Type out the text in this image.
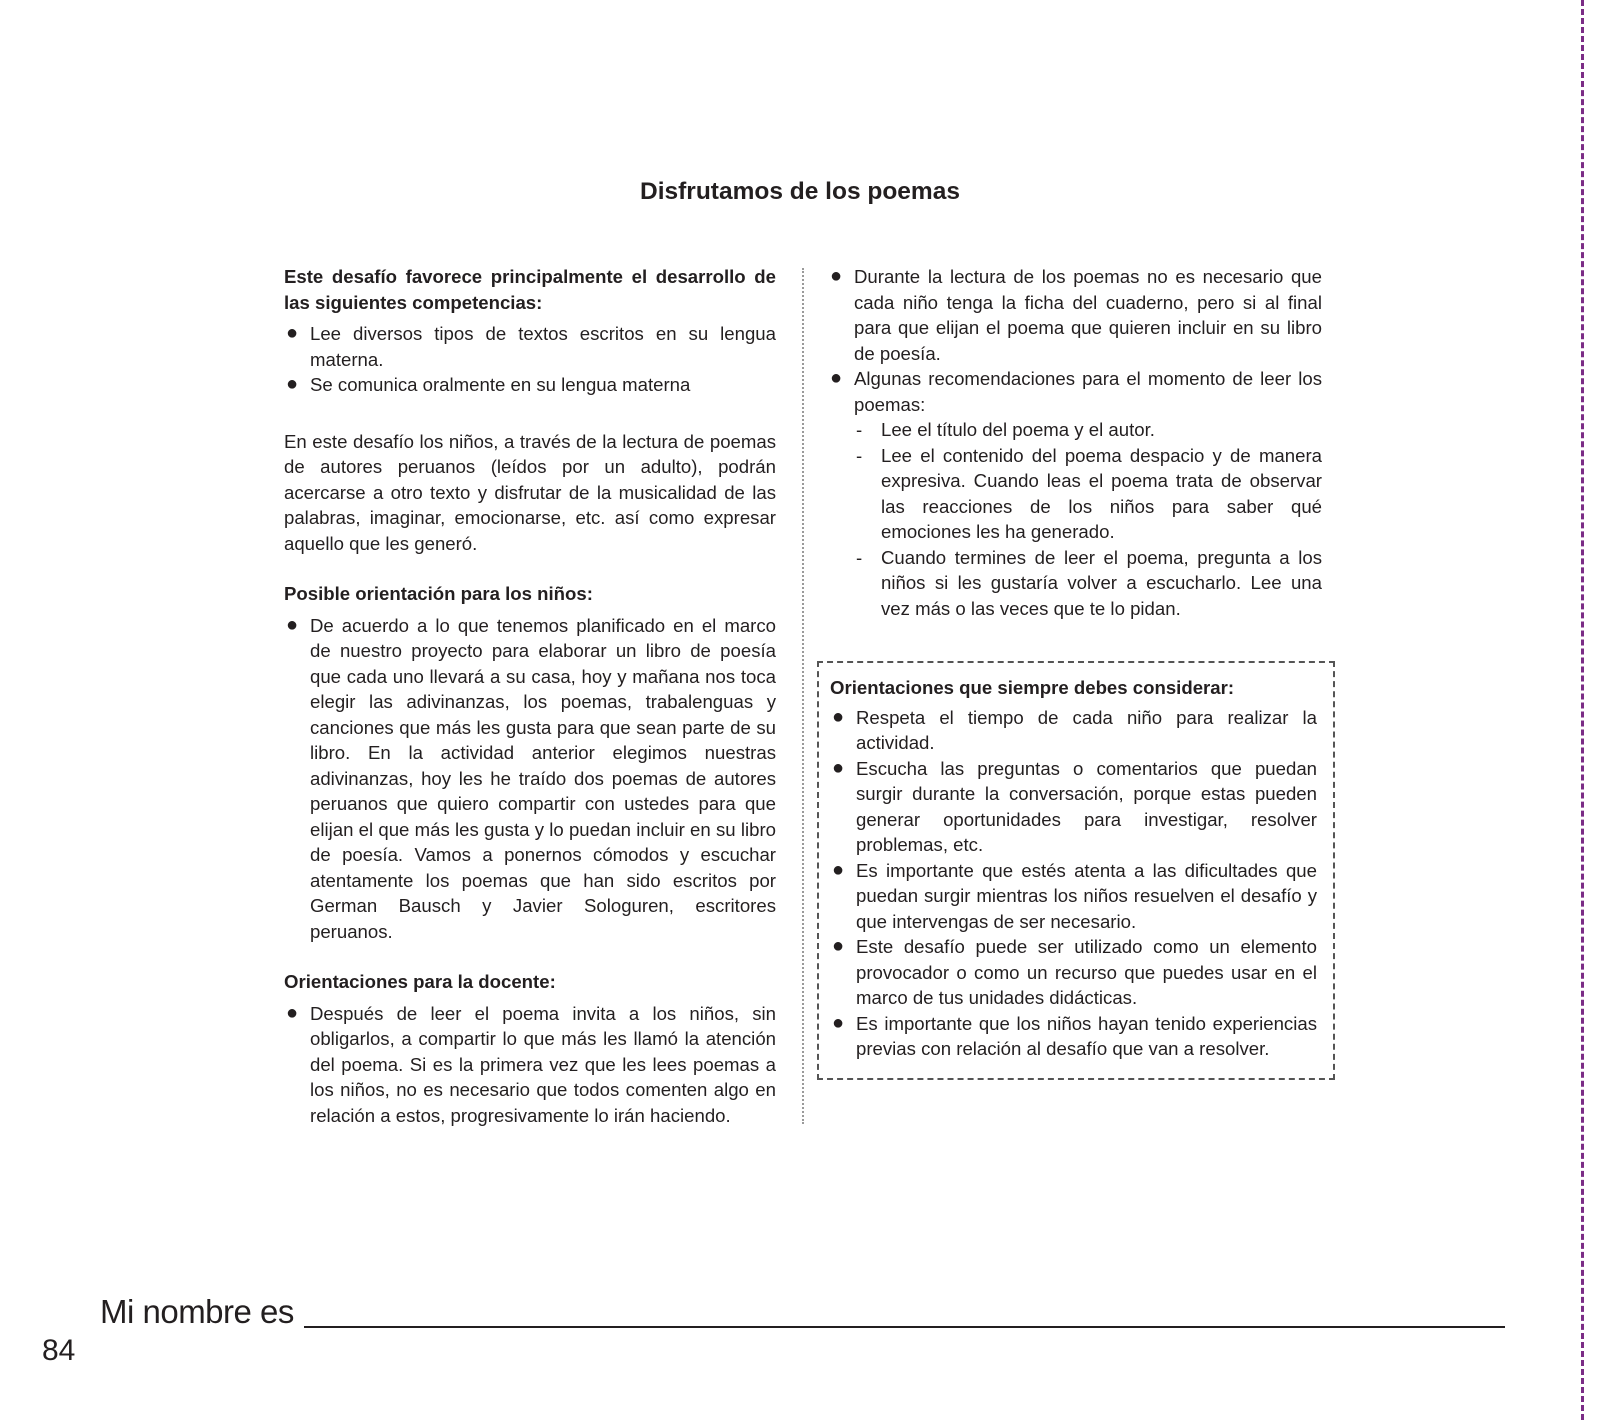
Disfrutamos de los poemas

Este desafío favorece principalmente el desarrollo de las siguientes competencias:

● Lee diversos tipos de textos escritos en su lengua materna.
● Se comunica oralmente en su lengua materna

En este desafío los niños, a través de la lectura de poemas de autores peruanos (leídos por un adulto), podrán acercarse a otro texto y disfrutar de la musicalidad de las palabras, imaginar, emocionarse, etc. así como expresar aquello que les generó.

Posible orientación para los niños:

● De acuerdo a lo que tenemos planificado en el marco de nuestro proyecto para elaborar un libro de poesía que cada uno llevará a su casa, hoy y mañana nos toca elegir las adivinanzas, los poemas, trabalenguas y canciones que más les gusta para que sean parte de su libro. En la actividad anterior elegimos nuestras adivinanzas, hoy les he traído dos poemas de autores peruanos que quiero compartir con ustedes para que elijan el que más les gusta y lo puedan incluir en su libro de poesía. Vamos a ponernos cómodos y escuchar atentamente los poemas que han sido escritos por German Bausch y Javier Sologuren, escritores peruanos.

Orientaciones para la docente:

● Después de leer el poema invita a los niños, sin obligarlos, a compartir lo que más les llamó la atención del poema. Si es la primera vez que les lees poemas a los niños, no es necesario que todos comenten algo en relación a estos, progresivamente lo irán haciendo.
● Durante la lectura de los poemas no es necesario que cada niño tenga la ficha del cuaderno, pero si al final para que elijan el poema que quieren incluir en su libro de poesía.
● Algunas recomendaciones para el momento de leer los poemas:
- Lee el título del poema y el autor.
- Lee el contenido del poema despacio y de manera expresiva. Cuando leas el poema trata de observar las reacciones de los niños para saber qué emociones les ha generado.
- Cuando termines de leer el poema, pregunta a los niños si les gustaría volver a escucharlo. Lee una vez más o las veces que te lo pidan.

Orientaciones que siempre debes considerar:

● Respeta el tiempo de cada niño para realizar la actividad.
● Escucha las preguntas o comentarios que puedan surgir durante la conversación, porque estas pueden generar oportunidades para investigar, resolver problemas, etc.
● Es importante que estés atenta a las dificultades que puedan surgir mientras los niños resuelven el desafío y que intervengas de ser necesario.
● Este desafío puede ser utilizado como un elemento provocador o como un recurso que puedes usar en el marco de tus unidades didácticas.
● Es importante que los niños hayan tenido experiencias previas con relación al desafío que van a resolver.
Mi nombre es
84
